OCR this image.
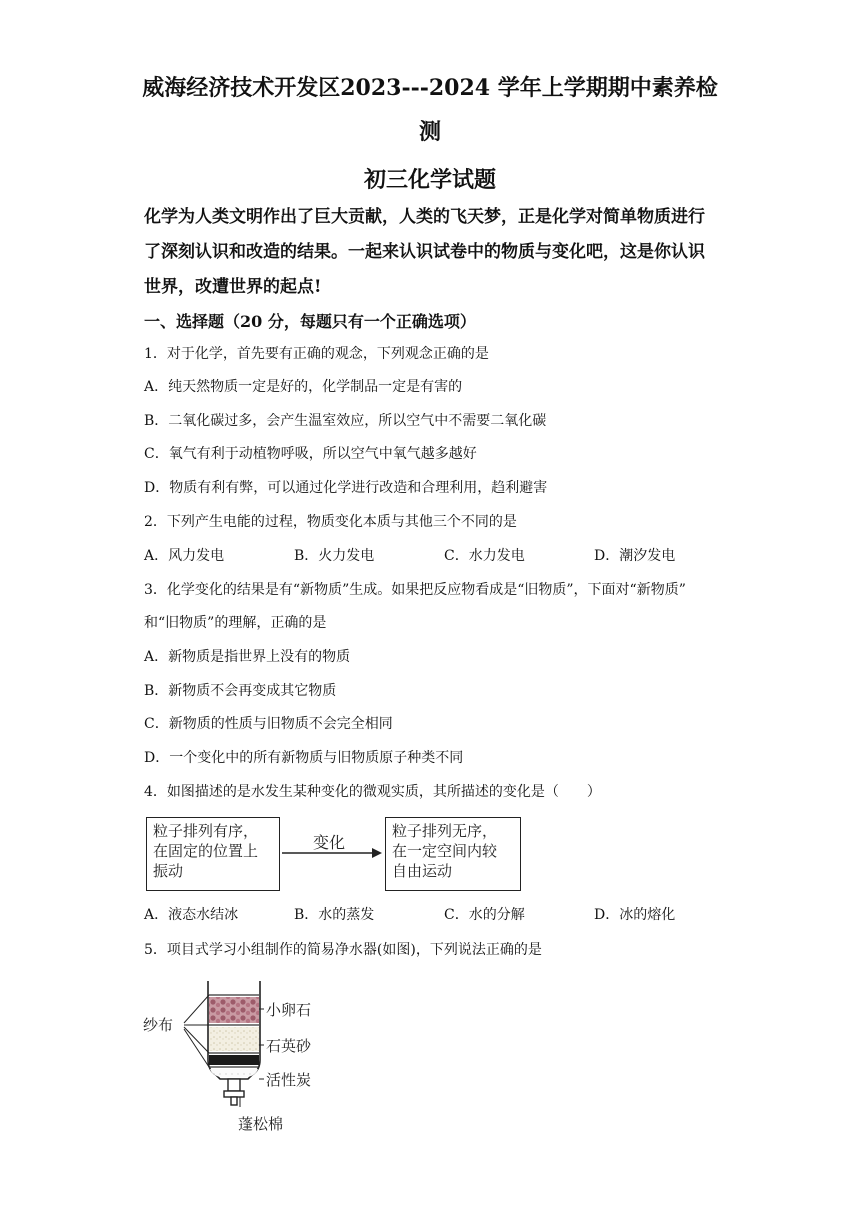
威海经济技术开发区2023---2024 学年上学期期中素养检
测
初三化学试题
化学为人类文明作出了巨大贡献，人类的飞天梦，正是化学对简单物质进行
了深刻认识和改造的结果。一起来认识试卷中的物质与变化吧，这是你认识
世界，改遭世界的起点!
一、选择题（20 分，每题只有一个正确选项）
1．对于化学，首先要有正确的观念，下列观念正确的是
A．纯天然物质一定是好的，化学制品一定是有害的
B．二氧化碳过多，会产生温室效应，所以空气中不需要二氧化碳
C．氧气有利于动植物呼吸，所以空气中氧气越多越好
D．物质有利有弊，可以通过化学进行改造和合理利用，趋利避害
2．下列产生电能的过程，物质变化本质与其他三个不同的是
A．风力发电	B．火力发电	C．水力发电	D．潮汐发电
3．化学变化的结果是有“新物质”生成。如果把反应物看成是“旧物质”，下面对“新物质”
和“旧物质”的理解，正确的是
A．新物质是指世界上没有的物质
B．新物质不会再变成其它物质
C．新物质的性质与旧物质不会完全相同
D．一个变化中的所有新物质与旧物质原子种类不同
4．如图描述的是水发生某种变化的微观实质，其所描述的变化是（　　）
粒子排列有序，
在固定的位置上
振动
变化
粒子排列无序，
在一定空间内较
自由运动
A．液态水结冰	B．水的蒸发	C．水的分解	D．冰的熔化
5．项目式学习小组制作的简易净水器(如图)，下列说法正确的是
纱布
小卵石
石英砂
活性炭
蓬松棉
